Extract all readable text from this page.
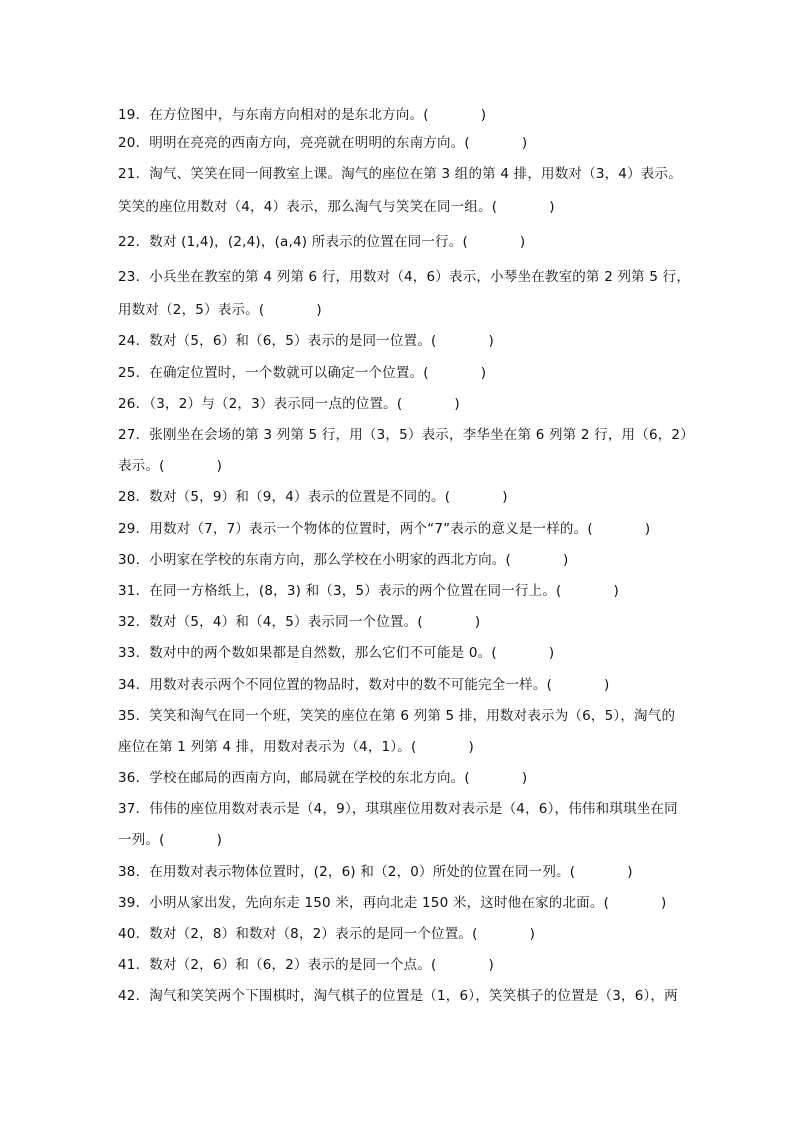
19．在方位图中，与东南方向相对的是东北方向。(	)
20．明明在亮亮的西南方向，亮亮就在明明的东南方向。(	)
21．淘气、笑笑在同一间教室上课。淘气的座位在第 3 组的第 4 排，用数对（3，4）表示。
笑笑的座位用数对（4，4）表示，那么淘气与笑笑在同一组。(	)
22．数对 (1,4)，(2,4)，(a,4) 所表示的位置在同一行。(	)
23．小兵坐在教室的第 4 列第 6 行，用数对（4，6）表示，小琴坐在教室的第 2 列第 5 行，
用数对（2，5）表示。(	)
24．数对（5，6）和（6，5）表示的是同一位置。(	)
25．在确定位置时，一个数就可以确定一个位置。(	)
26．（3，2）与（2，3）表示同一点的位置。(	)
27．张刚坐在会场的第 3 列第 5 行，用（3，5）表示，李华坐在第 6 列第 2 行，用（6，2）
表示。(	)
28．数对（5，9）和（9，4）表示的位置是不同的。(	)
29．用数对（7，7）表示一个物体的位置时，两个“7”表示的意义是一样的。(	)
30．小明家在学校的东南方向，那么学校在小明家的西北方向。(	)
31．在同一方格纸上，(8，3) 和（3，5）表示的两个位置在同一行上。(	)
32．数对（5，4）和（4，5）表示同一个位置。(	)
33．数对中的两个数如果都是自然数，那么它们不可能是 0。(	)
34．用数对表示两个不同位置的物品时，数对中的数不可能完全一样。(	)
35．笑笑和淘气在同一个班，笑笑的座位在第 6 列第 5 排，用数对表示为（6，5），淘气的
座位在第 1 列第 4 排，用数对表示为（4，1）。(	)
36．学校在邮局的西南方向，邮局就在学校的东北方向。(	)
37．伟伟的座位用数对表示是（4，9），琪琪座位用数对表示是（4，6），伟伟和琪琪坐在同
一列。(	)
38．在用数对表示物体位置时，(2，6) 和（2，0）所处的位置在同一列。(	)
39．小明从家出发，先向东走 150 米，再向北走 150 米，这时他在家的北面。(	)
40．数对（2，8）和数对（8，2）表示的是同一个位置。(	)
41．数对（2，6）和（6，2）表示的是同一个点。(	)
42．淘气和笑笑两个下围棋时，淘气棋子的位置是（1，6），笑笑棋子的位置是（3，6），两
